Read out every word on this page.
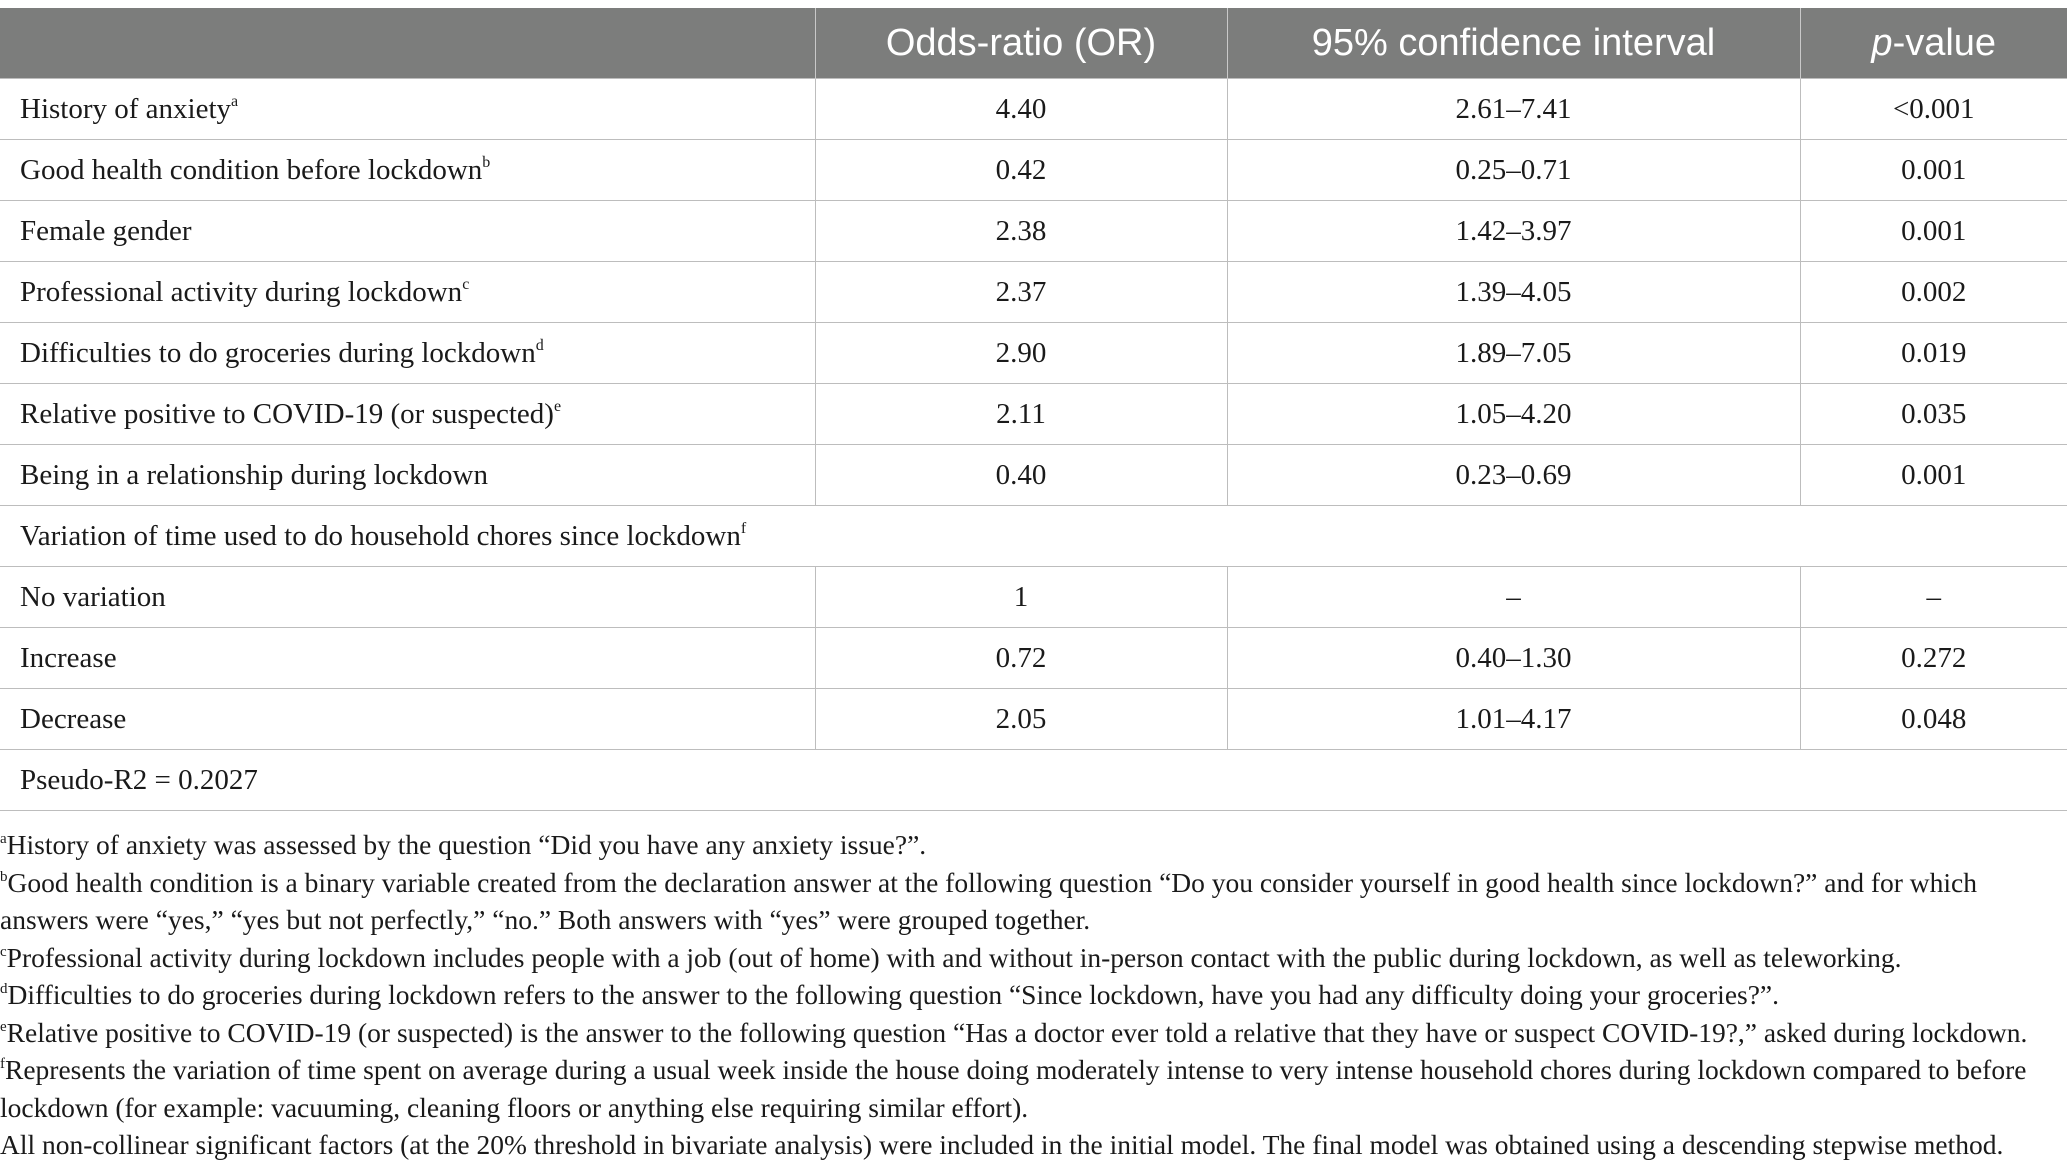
	Odds-ratio (OR)	95% confidence interval	p-value
History of anxiety$^a$	4.40	2.61–7.41	<0.001
Good health condition before lockdown$^b$	0.42	0.25–0.71	0.001
Female gender	2.38	1.42–3.97	0.001
Professional activity during lockdown$^c$	2.37	1.39–4.05	0.002
Difficulties to do groceries during lockdown$^d$	2.90	1.89–7.05	0.019
Relative positive to COVID-19 (or suspected)$^e$	2.11	1.05–4.20	0.035
Being in a relationship during lockdown	0.40	0.23–0.69	0.001
Variation of time used to do household chores since lockdown$^f$
No variation	1	–	–
Increase	0.72	0.40–1.30	0.272
Decrease	2.05	1.01–4.17	0.048
Pseudo-R2 = 0.2027			

$^a$History of anxiety was assessed by the question “Did you have any anxiety issue?”.

$^b$Good health condition is a binary variable created from the declaration answer at the following question “Do you consider yourself in good health since lockdown?” and for which answers were “yes,” “yes but not perfectly,” “no.” Both answers with “yes” were grouped together.

$^c$Professional activity during lockdown includes people with a job (out of home) with and without in-person contact with the public during lockdown, as well as teleworking.

$^d$Difficulties to do groceries during lockdown refers to the answer to the following question “Since lockdown, have you had any difficulty doing your groceries?”.

$^e$Relative positive to COVID-19 (or suspected) is the answer to the following question “Has a doctor ever told a relative that they have or suspect COVID-19?,” asked during lockdown.

$^f$Represents the variation of time spent on average during a usual week inside the house doing moderately intense to very intense household chores during lockdown compared to before lockdown (for example: vacuuming, cleaning floors or anything else requiring similar effort).

All non-collinear significant factors (at the 20% threshold in bivariate analysis) were included in the initial model. The final model was obtained using a descending stepwise method.
